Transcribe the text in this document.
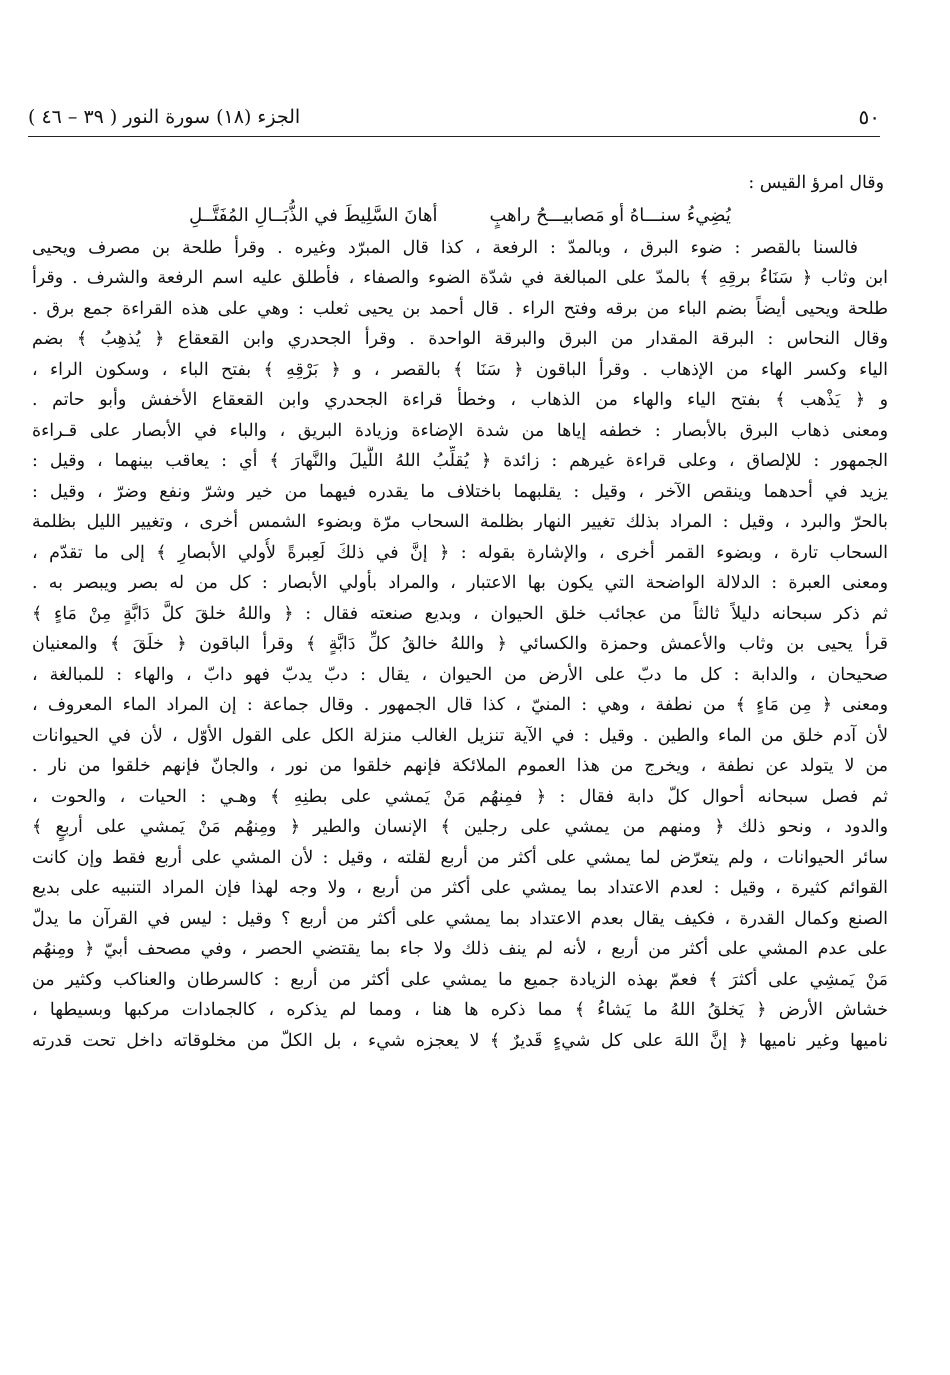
٥٠
الجزء (١٨) سورة النور ( ٣٩ – ٤٦ )
وقال امرؤ القيس :
يُضِيءُ سنـــاهُ أو مَصابيـــحُ راهبٍ
أهانَ السَّلِيطَ في الذُّبَــالِ المُفَتَّــلِ
فالسنا بالقصر : ضوء البرق ، وبالمدّ : الرفعة ، كذا قال المبرّد وغيره . وقرأ طلحة بن مصرف ويحيى
ابن وثاب ﴿ سَنَاءُ برقِهِ ﴾ بالمدّ على المبالغة في شدّة الضوء والصفاء ، فأطلق عليه اسم الرفعة والشرف . وقرأ
طلحة ويحيى أيضاً بضم الباء من برقه وفتح الراء . قال أحمد بن يحيى ثعلب : وهي على هذه القراءة جمع برق .
وقال النحاس : البرقة المقدار من البرق والبرقة الواحدة . وقرأ الجحدري وابن القعقاع ﴿ يُذهِبُ ﴾ بضم
الياء وكسر الهاء من الإذهاب . وقرأ الباقون ﴿ سَنَا ﴾ بالقصر ، و ﴿ بَرْقِهِ ﴾ بفتح الباء ، وسكون الراء ،
و ﴿ يَذْهب ﴾ بفتح الياء والهاء من الذهاب ، وخطأ قراءة الجحدري وابن القعقاع الأخفش وأبو حاتم .
ومعنى ذهاب البرق بالأبصار : خطفه إياها من شدة الإضاءة وزيادة البريق ، والباء في الأبصار على قـراءة
الجمهور : للإلصاق ، وعلى قراءة غيرهم : زائدة ﴿ يُقلِّبُ اللهُ اللَّيلَ والنَّهارَ ﴾ أي : يعاقب بينهما ، وقيل :
يزيد في أحدهما وينقص الآخر ، وقيل : يقلبهما باختلاف ما يقدره فيهما من خير وشرّ ونفع وضرّ ، وقيل :
بالحرّ والبرد ، وقيل : المراد بذلك تغيير النهار بظلمة السحاب مرّة وبضوء الشمس أخرى ، وتغيير الليل بظلمة
السحاب تارة ، وبضوء القمر أخرى ، والإشارة بقوله : ﴿ إنَّ في ذلكَ لَعِبرةً لأُولي الأبصارِ ﴾ إلى ما تقدّم ،
ومعنى العبرة : الدلالة الواضحة التي يكون بها الاعتبار ، والمراد بأولي الأبصار : كل من له بصر ويبصر به .
ثم ذكر سبحانه دليلاً ثالثاً من عجائب خلق الحيوان ، وبديع صنعته فقال : ﴿ واللهُ خلقَ كلَّ دَابَّةٍ مِنْ مَاءٍ ﴾
قرأ يحيى بن وثاب والأعمش وحمزة والكسائي ﴿ واللهُ خالقُ كلِّ دَابَّةٍ ﴾ وقرأ الباقون ﴿ خلَقَ ﴾ والمعنيان
صحيحان ، والدابة : كل ما دبّ على الأرض من الحيوان ، يقال : دبّ يدبّ فهو دابّ ، والهاء : للمبالغة ،
ومعنى ﴿ مِن مَاءٍ ﴾ من نطفة ، وهي : المنيّ ، كذا قال الجمهور . وقال جماعة : إن المراد الماء المعروف ،
لأن آدم خلق من الماء والطين . وقيل : في الآية تنزيل الغالب منزلة الكل على القول الأوّل ، لأن في الحيوانات
من لا يتولد عن نطفة ، ويخرج من هذا العموم الملائكة فإنهم خلقوا من نور ، والجانّ فإنهم خلقوا من نار .
ثم فصل سبحانه أحوال كلّ دابة فقال : ﴿ فمِنهُم مَنْ يَمشي على بطنِهِ ﴾ وهـي : الحيات ، والحوت ،
والدود ، ونحو ذلك ﴿ ومنهم من يمشي على رجلين ﴾ الإنسان والطير ﴿ ومِنهُم مَنْ يَمشي على أربعٍ ﴾
سائر الحيوانات ، ولم يتعرّض لما يمشي على أكثر من أربع لقلته ، وقيل : لأن المشي على أربع فقط وإن كانت
القوائم كثيرة ، وقيل : لعدم الاعتداد بما يمشي على أكثر من أربع ، ولا وجه لهذا فإن المراد التنبيه على بديع
الصنع وكمال القدرة ، فكيف يقال بعدم الاعتداد بما يمشي على أكثر من أربع ؟ وقيل : ليس في القرآن ما يدلّ
على عدم المشي على أكثر من أربع ، لأنه لم ينف ذلك ولا جاء بما يقتضي الحصر ، وفي مصحف أبيّ ﴿ ومِنهُم
مَنْ يَمشِي على أكثرَ ﴾ فعمّ بهذه الزيادة جميع ما يمشي على أكثر من أربع : كالسرطان والعناكب وكثير من
خشاش الأرض ﴿ يَخلقُ اللهُ ما يَشاءُ ﴾ مما ذكره ها هنا ، ومما لم يذكره ، كالجمادات مركبها وبسيطها ،
ناميها وغير ناميها ﴿ إنَّ اللهَ على كل شيءٍ قَديرٌ ﴾ لا يعجزه شيء ، بل الكلّ من مخلوقاته داخل تحت قدرته
